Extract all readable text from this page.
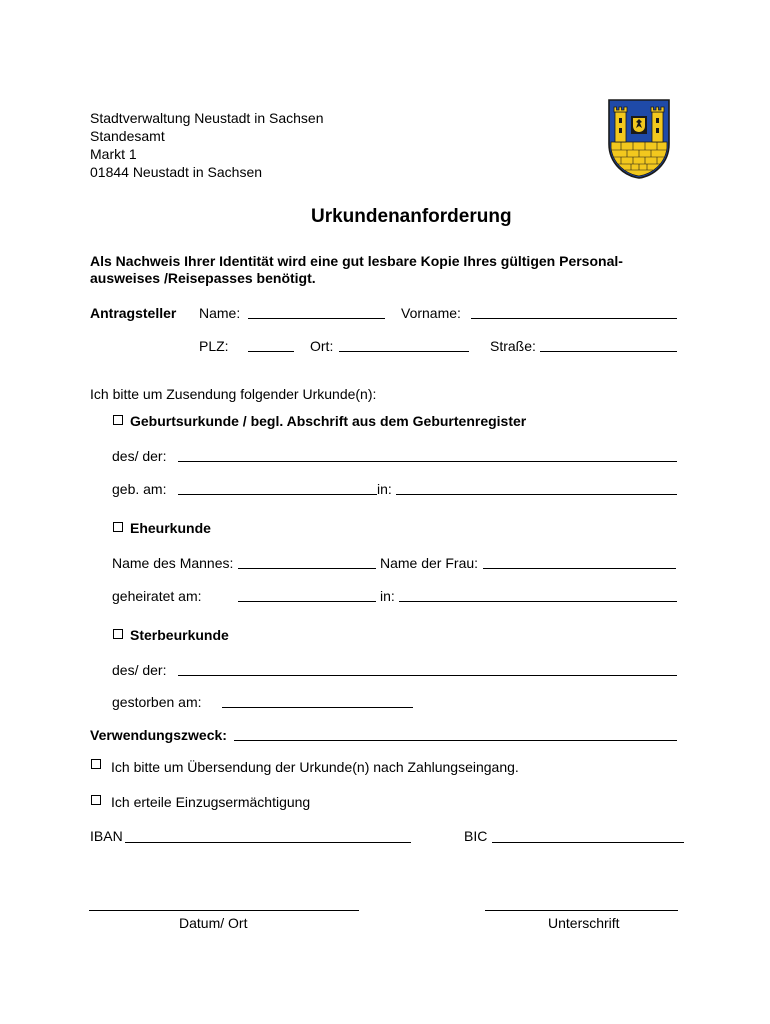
Stadtverwaltung Neustadt in Sachsen
Standesamt
Markt 1
01844 Neustadt in Sachsen
Urkundenanforderung
Als Nachweis Ihrer Identität wird eine gut lesbare Kopie Ihres gültigen Personal-
ausweises /Reisepasses benötigt.
Antragsteller Name:	Vorname:
PLZ:	Ort:	Straße:
Ich bitte um Zusendung folgender Urkunde(n):
Geburtsurkunde / begl. Abschrift aus dem Geburtenregister
des/ der:
geb. am:	in:
Eheurkunde
Name des Mannes:	Name der Frau:
geheiratet am:	in:
Sterbeurkunde
des/ der:
gestorben am:
Verwendungszweck:
Ich bitte um Übersendung der Urkunde(n) nach Zahlungseingang.
Ich erteile Einzugsermächtigung
IBAN	BIC
Datum/ Ort	Unterschrift
